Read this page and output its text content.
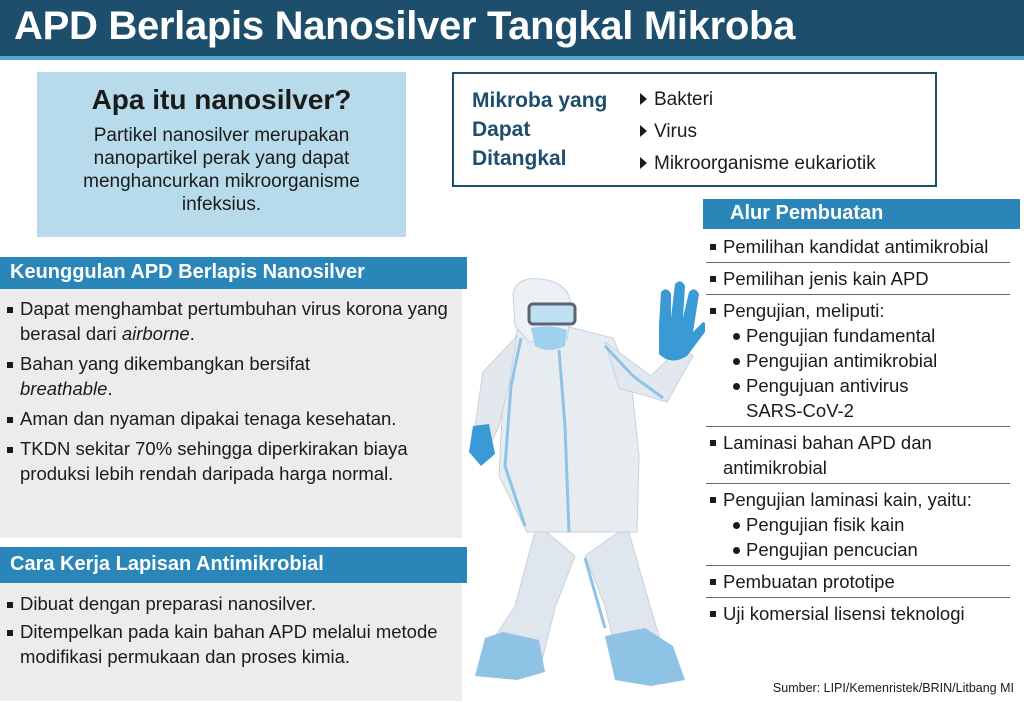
APD Berlapis Nanosilver Tangkal Mikroba
Apa itu nanosilver?
Partikel nanosilver merupakan nanopartikel perak yang dapat menghancurkan mikroorganisme infeksius.
Mikroba yang Dapat Ditangkal
Bakteri
Virus
Mikroorganisme eukariotik
Keunggulan APD Berlapis Nanosilver
Dapat menghambat pertumbuhan virus korona yang berasal dari airborne.
Bahan yang dikembangkan bersifat
breathable.
Aman dan nyaman dipakai tenaga kesehatan.
TKDN sekitar 70% sehingga diperkirakan biaya produksi lebih rendah daripada harga normal.
Cara Kerja Lapisan Antimikrobial
Dibuat dengan preparasi nanosilver.
Ditempelkan pada kain bahan APD melalui metode modifikasi permukaan dan proses kimia.
Alur Pembuatan
Pemilihan kandidat antimikrobial
Pemilihan jenis kain APD
Pengujian, meliputi:
Pengujian fundamental
Pengujian antimikrobial
Pengujuan antivirus
SARS-CoV-2
Laminasi bahan APD dan antimikrobial
Pengujian laminasi kain, yaitu:
Pengujian fisik kain
Pengujian pencucian
Pembuatan prototipe
Uji komersial lisensi teknologi
Sumber: LIPI/Kemenristek/BRIN/Litbang MI
